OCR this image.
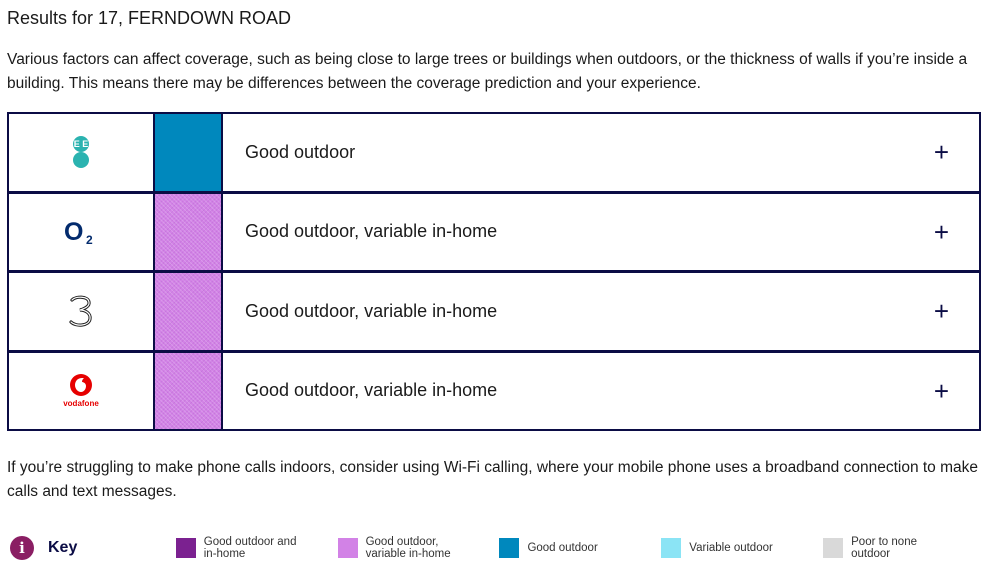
Results for 17, FERNDOWN ROAD
Various factors can affect coverage, such as being close to large trees or buildings when outdoors, or the thickness of walls if you’re inside a building. This means there may be differences between the coverage prediction and your experience.
E E	Good outdoor	+
O 2	Good outdoor, variable in-home	+
Good outdoor, variable in-home	+
vodafone
Good outdoor, variable in-home	+
If you’re struggling to make phone calls indoors, consider using Wi-Fi calling, where your mobile phone uses a broadband connection to make calls and text messages.
i	Key	Good outdoor and
in-home
Good outdoor,
variable in-home	Good outdoor	Variable outdoor	Poor to none
outdoor
